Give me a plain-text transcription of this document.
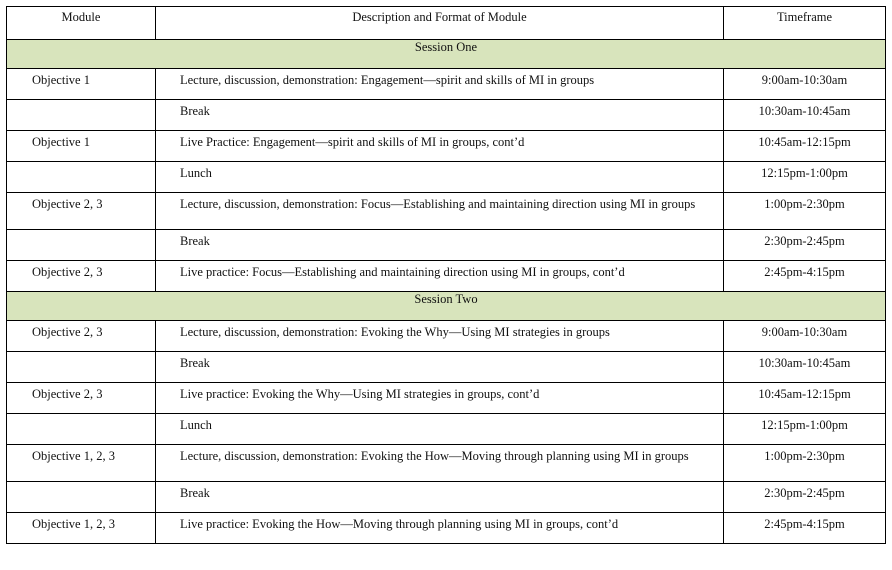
Module	Description and Format of Module	Timeframe
Session One		
Objective 1	Lecture, discussion, demonstration: Engagement—spirit and skills of MI in groups	9:00am-10:30am
	Break	10:30am-10:45am
Objective 1	Live Practice: Engagement—spirit and skills of MI in groups, cont’d	10:45am-12:15pm
	Lunch	12:15pm-1:00pm
Objective 2, 3	Lecture, discussion, demonstration: Focus—Establishing and maintaining direction using MI in groups	1:00pm-2:30pm
	Break	2:30pm-2:45pm
Objective 2, 3	Live practice: Focus—Establishing and maintaining direction using MI in groups, cont’d	2:45pm-4:15pm
Session Two		
Objective 2, 3	Lecture, discussion, demonstration: Evoking the Why—Using MI strategies in groups	9:00am-10:30am
	Break	10:30am-10:45am
Objective 2, 3	Live practice: Evoking the Why—Using MI strategies in groups, cont’d	10:45am-12:15pm
	Lunch	12:15pm-1:00pm
Objective 1, 2, 3	Lecture, discussion, demonstration: Evoking the How—Moving through planning using MI in groups	1:00pm-2:30pm
	Break	2:30pm-2:45pm
Objective 1, 2, 3	Live practice: Evoking the How—Moving through planning using MI in groups, cont’d	2:45pm-4:15pm
